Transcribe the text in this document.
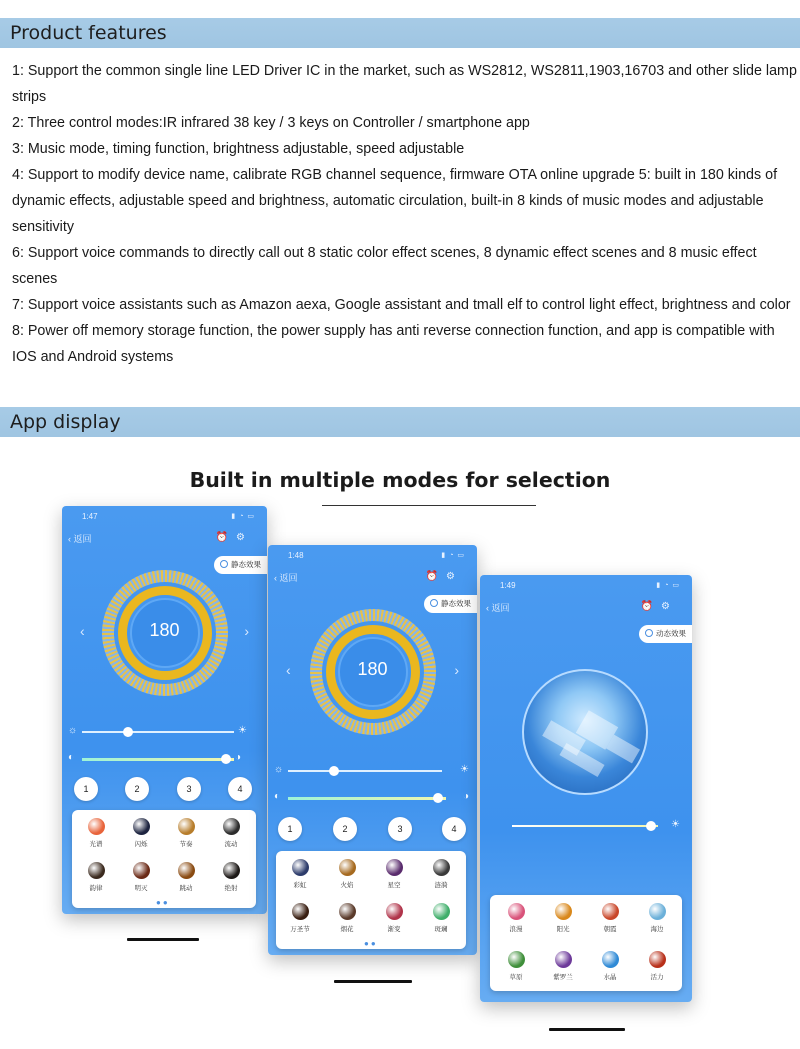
Product features

1: Support the common single line LED Driver IC in the market, such as WS2812, WS2811,1903,16703 and other slide lamp strips

2: Three control modes:IR infrared 38 key / 3 keys on Controller / smartphone app

3: Music mode, timing function, brightness adjustable, speed adjustable

4: Support to modify device name, calibrate RGB channel sequence, firmware OTA online upgrade 5: built in 180 kinds of dynamic effects, adjustable speed and brightness, automatic circulation, built-in 8 kinds of music modes and adjustable sensitivity

6: Support voice commands to directly call out 8 static color effect scenes, 8 dynamic effect scenes and 8 music effect scenes

7: Support voice assistants such as Amazon aexa, Google assistant and tmall elf to control light effect, brightness and color

8: Power off memory storage function, the power supply has anti reverse connection function, and app is compatible with IOS and Android systems

App display
Built in multiple modes for selection
1:47	▮ ◔ ▭
‹ 返回	⏰⚙
静态效果
180
‹	›
☼	☀
◐	◑
1	2	3	4
光谱	闪烁	节奏	流动
韵律	明灭	跳动	绝射
●●
1:48	▮ ◔ ▭
‹ 返回	⏰⚙
静态效果
180
‹	›
☼	☀
◐	◑
1	2	3	4
彩虹	火焰	星空	涟漪
万圣节	烟花	渐变	斑斓
●●
1:49	▮ ◔ ▭
‹ 返回	⏰⚙
动态效果
☀
浪漫	阳光	朝霞	海边
草原	紫罗兰	水晶	活力
